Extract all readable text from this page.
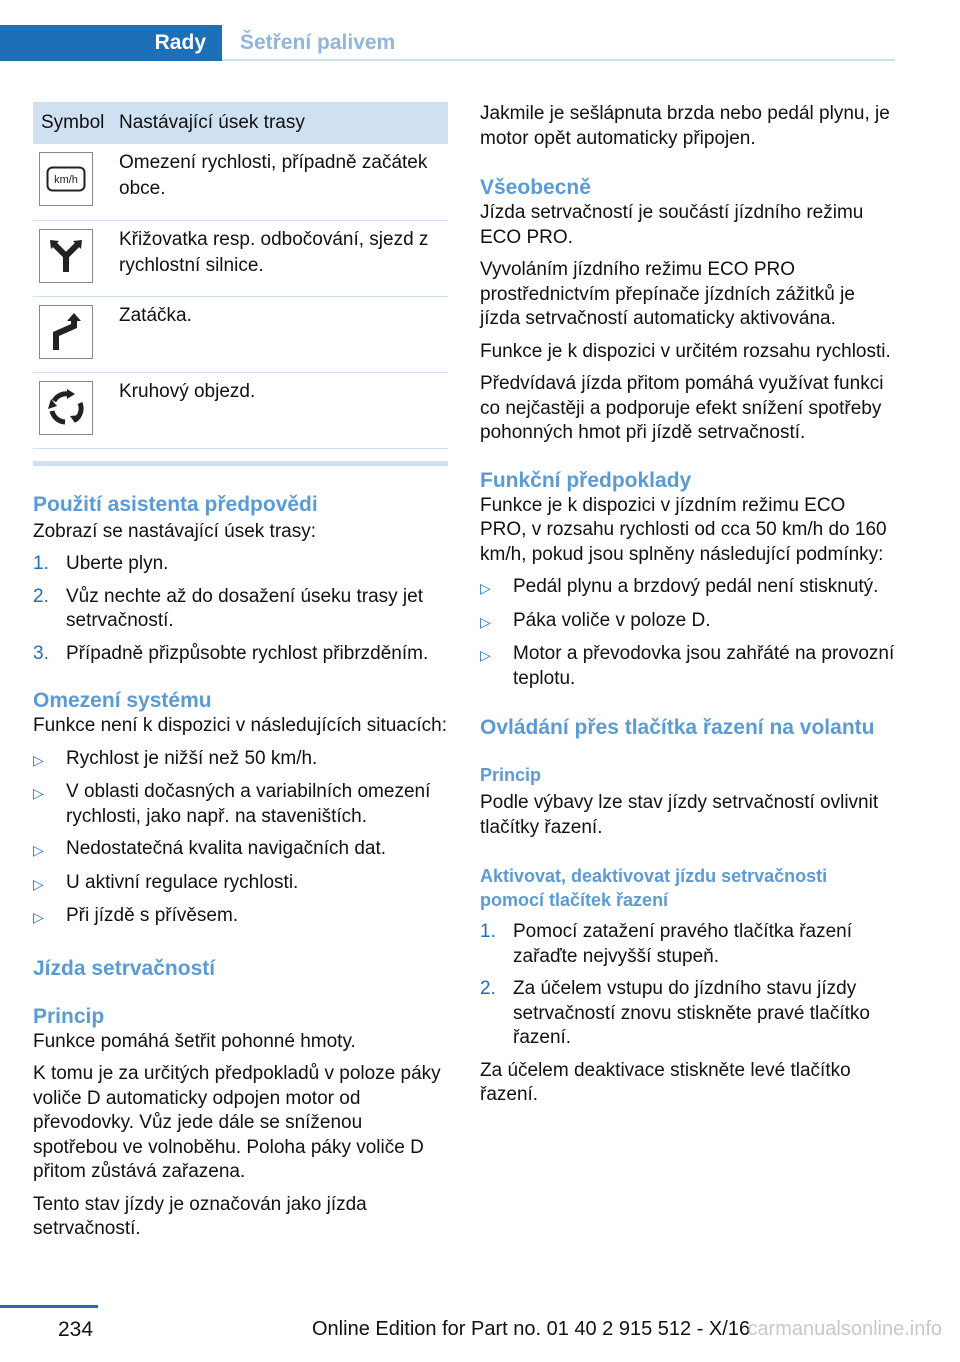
Rady	Šetření palivem
Symbol	Nastávající úsek trasy

km/h	Omezení rychlosti, případně začátek obce.

	Křižovatka resp. odbočování, sjezd z rychlostní silnice.

	Zatáčka.

	Kruhový objezd.
Použití asistenta předpovědi

Zobrazí se nastávající úsek trasy:

1. Uberte plyn.
2. Vůz nechte až do dosažení úseku trasy jet setrvačností.
3. Případně přizpůsobte rychlost přibrzděním.
Omezení systému

Funkce není k dispozici v následujících situacích:

▷	Rychlost je nižší než 50 km/h.
▷	V oblasti dočasných a variabilních omezení rychlosti, jako např. na staveništích.
▷	Nedostatečná kvalita navigačních dat.
▷	U aktivní regulace rychlosti.
▷	Při jízdě s přívěsem.
Jízda setrvačností
Princip

Funkce pomáhá šetřit pohonné hmoty.

K tomu je za určitých předpokladů v poloze páky voliče D automaticky odpojen motor od převodovky. Vůz jede dále se sníženou spotřebou ve volnoběhu. Poloha páky voliče D přitom zůstává zařazena.

Tento stav jízdy je označován jako jízda setrvačností.

Jakmile je sešlápnuta brzda nebo pedál plynu, je motor opět automaticky připojen.

Všeobecně

Jízda setrvačností je součástí jízdního režimu ECO PRO.

Vyvoláním jízdního režimu ECO PRO prostřednictvím přepínače jízdních zážitků je jízda setrvačností automaticky aktivována.

Funkce je k dispozici v určitém rozsahu rychlosti.

Předvídavá jízda přitom pomáhá využívat funkci co nejčastěji a podporuje efekt snížení spotřeby pohonných hmot při jízdě setrvačností.

Funkční předpoklady

Funkce je k dispozici v jízdním režimu ECO PRO, v rozsahu rychlosti od cca 50 km/h do 160 km/h, pokud jsou splněny následující podmínky:

▷	Pedál plynu a brzdový pedál není stisknutý.
▷	Páka voliče v poloze D.
▷	Motor a převodovka jsou zahřáté na provozní teplotu.
Ovládání přes tlačítka řazení na volantu
Princip

Podle výbavy lze stav jízdy setrvačností ovlivnit tlačítky řazení.

Aktivovat, deaktivovat jízdu setrvačnosti pomocí tlačítek řazení
1. Pomocí zatažení pravého tlačítka řazení zařaďte nejvyšší stupeň.
2. Za účelem vstupu do jízdního stavu jízdy setrvačností znovu stiskněte pravé tlačítko řazení.

Za účelem deaktivace stiskněte levé tlačítko řazení.

234	Online Edition for Part no. 01 40 2 915 512 - X/16
carmanualsonline.info
